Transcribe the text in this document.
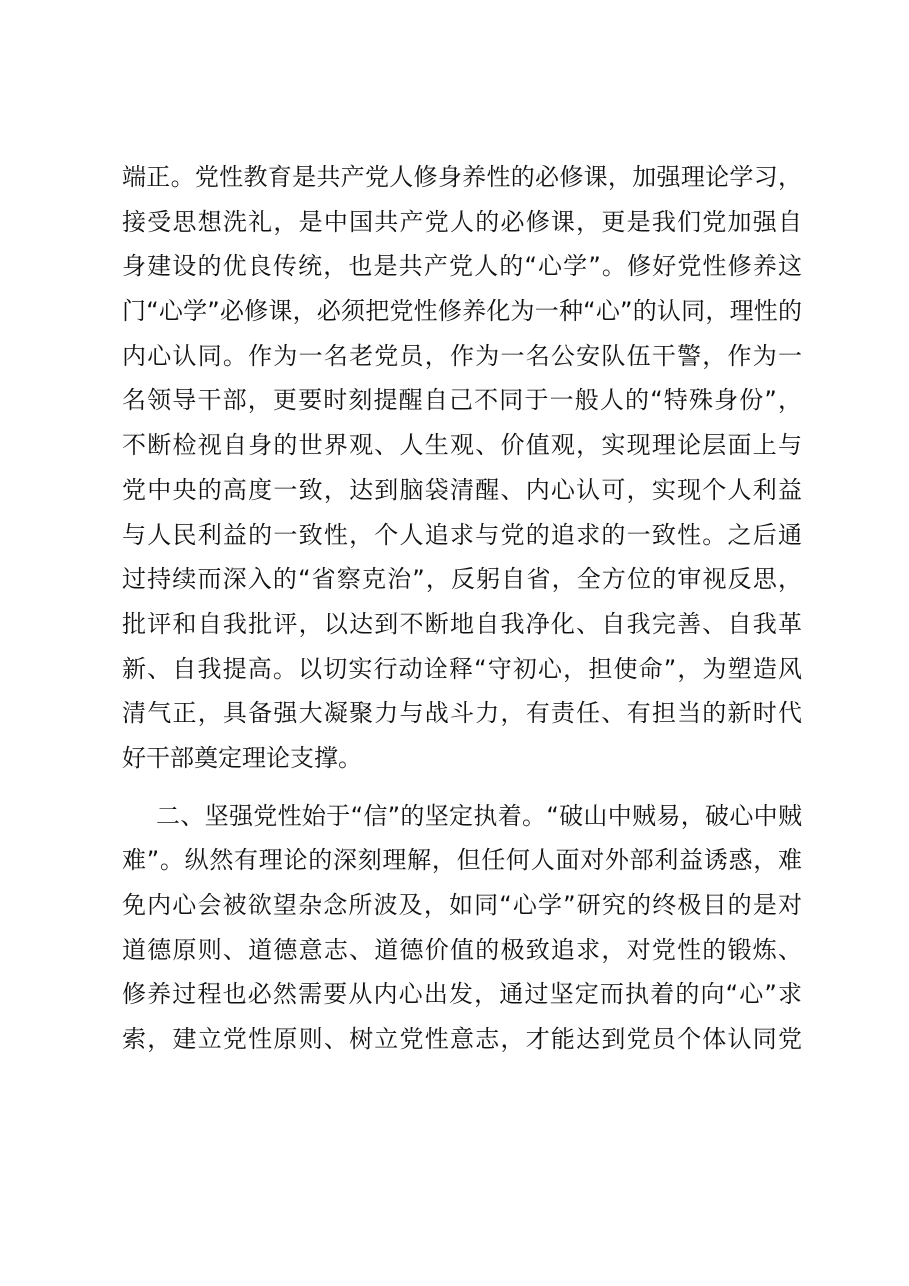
端正。党性教育是共产党人修身养性的必修课，加强理论学习，
接受思想洗礼，是中国共产党人的必修课，更是我们党加强自
身建设的优良传统，也是共产党人的“心学”。修好党性修养这
门“心学”必修课，必须把党性修养化为一种“心”的认同，理性的
内心认同。作为一名老党员，作为一名公安队伍干警，作为一
名领导干部，更要时刻提醒自己不同于一般人的“特殊身份”，
不断检视自身的世界观、人生观、价值观，实现理论层面上与
党中央的高度一致，达到脑袋清醒、内心认可，实现个人利益
与人民利益的一致性，个人追求与党的追求的一致性。之后通
过持续而深入的“省察克治”，反躬自省，全方位的审视反思，
批评和自我批评，以达到不断地自我净化、自我完善、自我革
新、自我提高。以切实行动诠释“守初心，担使命”，为塑造风
清气正，具备强大凝聚力与战斗力，有责任、有担当的新时代
好干部奠定理论支撑。
二、坚强党性始于“信”的坚定执着。“破山中贼易，破心中贼
难”。纵然有理论的深刻理解，但任何人面对外部利益诱惑，难
免内心会被欲望杂念所波及，如同“心学”研究的终极目的是对
道德原则、道德意志、道德价值的极致追求，对党性的锻炼、
修养过程也必然需要从内心出发，通过坚定而执着的向“心”求
索，建立党性原则、树立党性意志，才能达到党员个体认同党
